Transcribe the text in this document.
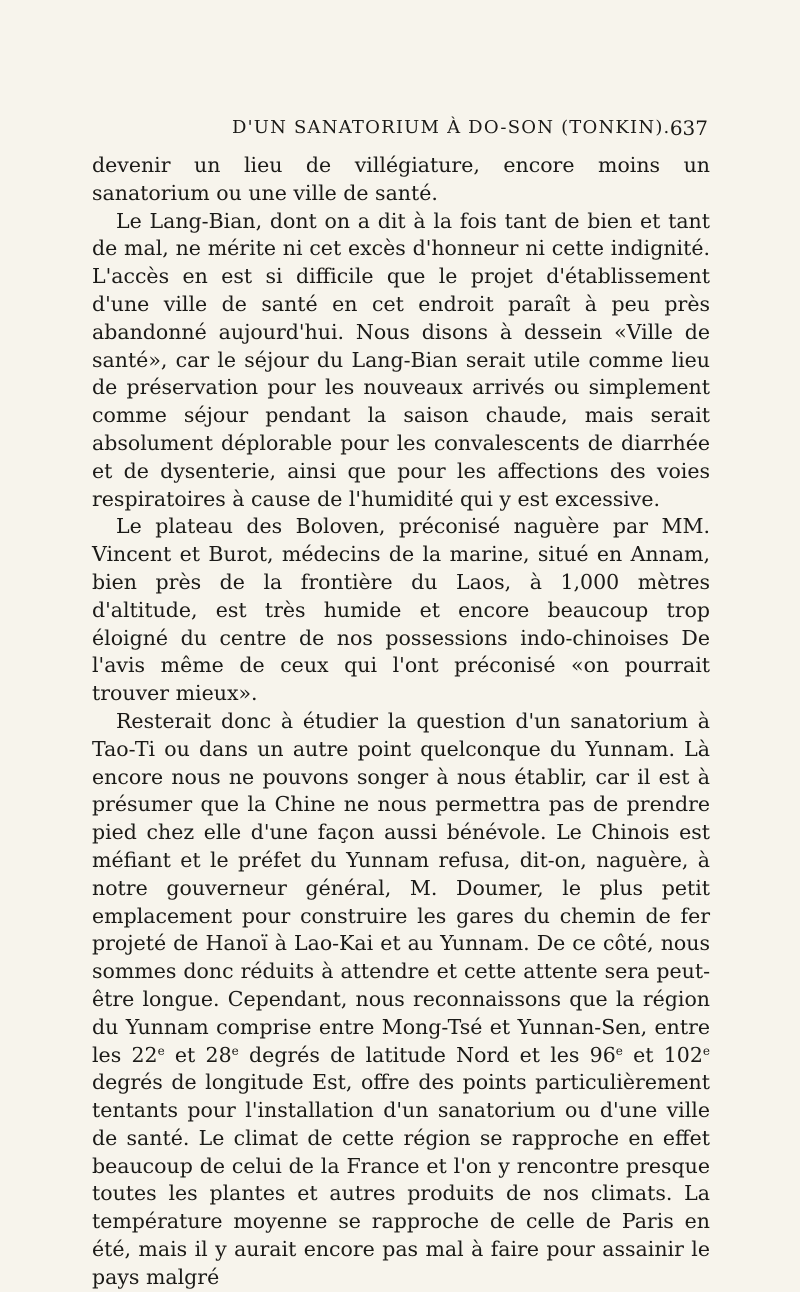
D'UN SANATORIUM À DO-SON (TONKIN). 637

devenir un lieu de villégiature, encore moins un sanatorium ou une ville de santé.

Le Lang-Bian, dont on a dit à la fois tant de bien et tant de mal, ne mérite ni cet excès d'honneur ni cette indignité. L'accès en est si difficile que le projet d'établissement d'une ville de santé en cet endroit paraît à peu près abandonné aujourd'hui. Nous disons à dessein «Ville de santé», car le séjour du Lang-Bian serait utile comme lieu de préservation pour les nouveaux arrivés ou simplement comme séjour pendant la saison chaude, mais serait absolument déplorable pour les convalescents de diarrhée et de dysenterie, ainsi que pour les affections des voies respiratoires à cause de l'humidité qui y est excessive.

Le plateau des Boloven, préconisé naguère par MM. Vincent et Burot, médecins de la marine, situé en Annam, bien près de la frontière du Laos, à 1,000 mètres d'altitude, est très humide et encore beaucoup trop éloigné du centre de nos possessions indo-chinoises De l'avis même de ceux qui l'ont préconisé «on pourrait trouver mieux».

Resterait donc à étudier la question d'un sanatorium à Tao-Ti ou dans un autre point quelconque du Yunnam. Là encore nous ne pouvons songer à nous établir, car il est à présumer que la Chine ne nous permettra pas de prendre pied chez elle d'une façon aussi bénévole. Le Chinois est méfiant et le préfet du Yunnam refusa, dit-on, naguère, à notre gouverneur général, M. Doumer, le plus petit emplacement pour construire les gares du chemin de fer projeté de Hanoï à Lao-Kai et au Yunnam. De ce côté, nous sommes donc réduits à attendre et cette attente sera peut-être longue. Cependant, nous reconnaissons que la région du Yunnam comprise entre Mong-Tsé et Yunnan-Sen, entre les 22e et 28e degrés de latitude Nord et les 96e et 102e degrés de longitude Est, offre des points particulièrement tentants pour l'installation d'un sanatorium ou d'une ville de santé. Le climat de cette région se rapproche en effet beaucoup de celui de la France et l'on y rencontre presque toutes les plantes et autres produits de nos climats. La température moyenne se rapproche de celle de Paris en été, mais il y aurait encore pas mal à faire pour assainir le pays malgré
